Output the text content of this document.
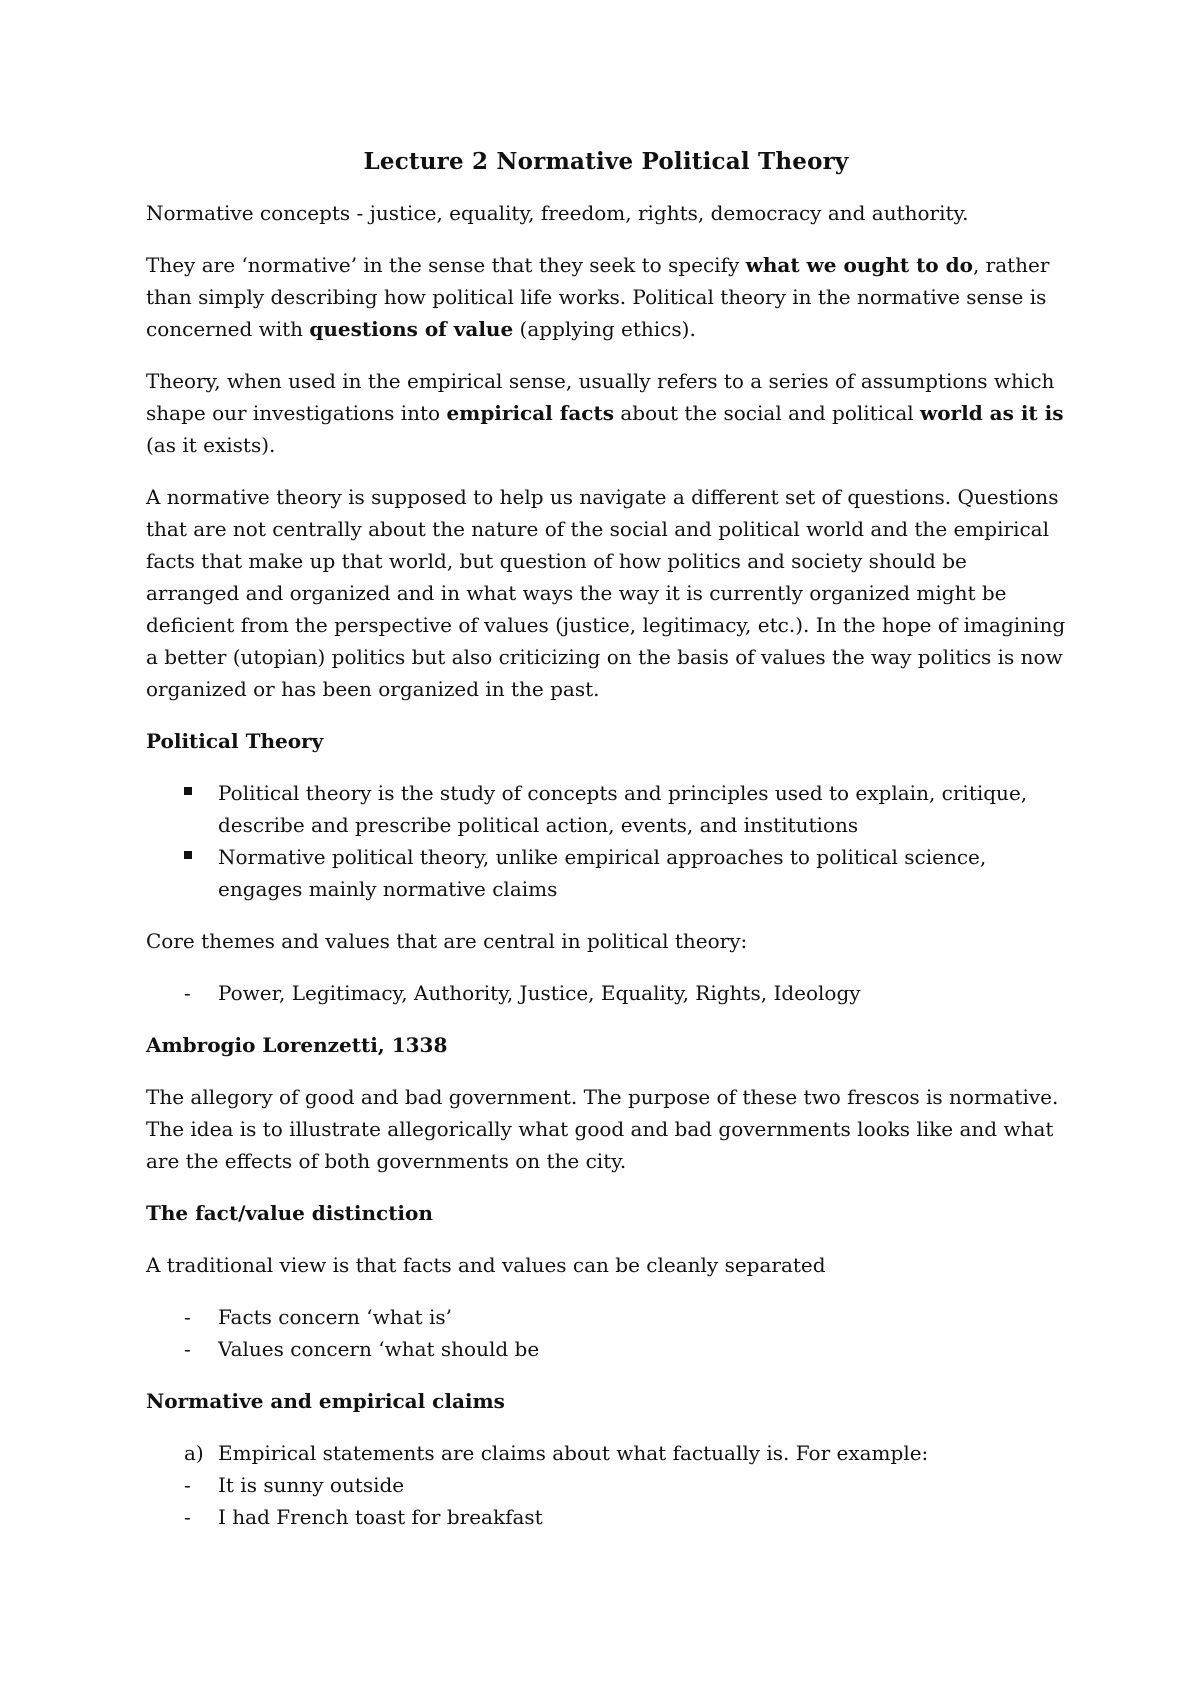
Lecture 2 Normative Political Theory

Normative concepts - justice, equality, freedom, rights, democracy and authority.

They are ‘normative’ in the sense that they seek to specify what we ought to do, rather than simply describing how political life works. Political theory in the normative sense is concerned with questions of value (applying ethics).

Theory, when used in the empirical sense, usually refers to a series of assumptions which shape our investigations into empirical facts about the social and political world as it is (as it exists).

A normative theory is supposed to help us navigate a different set of questions. Questions that are not centrally about the nature of the social and political world and the empirical facts that make up that world, but question of how politics and society should be arranged and organized and in what ways the way it is currently organized might be deficient from the perspective of values (justice, legitimacy, etc.). In the hope of imagining a better (utopian) politics but also criticizing on the basis of values the way politics is now organized or has been organized in the past.

Political Theory
Political theory is the study of concepts and principles used to explain, critique, describe and prescribe political action, events, and institutions
Normative political theory, unlike empirical approaches to political science, engages mainly normative claims

Core themes and values that are central in political theory:

-	Power, Legitimacy, Authority, Justice, Equality, Rights, Ideology
Ambrogio Lorenzetti, 1338

The allegory of good and bad government. The purpose of these two frescos is normative. The idea is to illustrate allegorically what good and bad governments looks like and what are the effects of both governments on the city.

The fact/value distinction

A traditional view is that facts and values can be cleanly separated

-	Facts concern ‘what is’
-	Values concern ‘what should be
Normative and empirical claims
a) Empirical statements are claims about what factually is. For example:
-	It is sunny outside
-	I had French toast for breakfast
